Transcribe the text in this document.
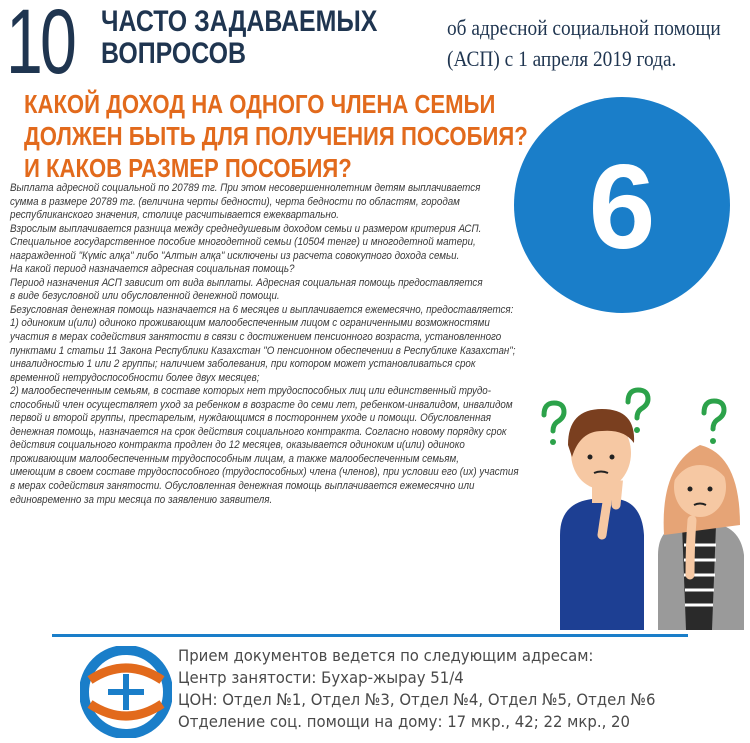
10 ЧАСТО ЗАДАВАЕМЫХ
ВОПРОСОВ
об адресной социальной помощи
(АСП) с 1 апреля 2019 года.
КАКОЙ ДОХОД НА ОДНОГО ЧЛЕНА СЕМЬИ
ДОЛЖЕН БЫТЬ ДЛЯ ПОЛУЧЕНИЯ ПОСОБИЯ?
И КАКОВ РАЗМЕР ПОСОБИЯ?	6
Выплата адресной социальной по 20789 тг. При этом несовершеннолетним детям выплачивается
сумма в размере 20789 тг. (величина черты бедности), черта бедности по областям, городам
республиканского значения, столице расчитывается ежеквартально.
Взрослым выплачивается разница между среднедушевым доходом семьи и размером критерия АСП.
Специальное государственное пособие многодетной семьи (10504 тенге) и многодетной матери,
награжденной "Күміс алқа" либо "Алтын алқа" исключены из расчета совокупного дохода семьи.
На какой период назначается адресная социальная помощь?
Период назначения АСП зависит от вида выплаты. Адресная социальная помощь предоставляется
в виде безусловной или обусловленной денежной помощи.
Безусловная денежная помощь назначается на 6 месяцев и выплачивается ежемесячно, предоставляется:
1) одиноким и(или) одиноко проживающим малообеспеченным лицом с ограниченными возможностями
участия в мерах содействия занятости в связи с достижением пенсионного возраста, установленного
пунктами 1 статьи 11 Закона Республики Казахстан "О пенсионном обеспечении в Республике Казахстан";
инвалидностью 1 или 2 группы; наличием заболевания, при котором может установливаться срок
временной нетрудоспособности более двух месяцев;
2) малообеспеченным семьям, в составе которых нет трудоспособных лиц или единственный трудо-
способный член осуществляет уход за ребенком в возрасте до семи лет, ребенком-инвалидом, инвалидом
первой и второй группы, престарелым, нуждающимся в постороннем уходе и помощи. Обусловленная
денежная помощь, назначается на срок действия социального контракта. Согласно новому порядку срок
действия социального контракта продлен до 12 месяцев, оказывается одиноким и(или) одиноко
проживающим малообеспеченным трудоспособным лицам, а также малообеспеченным семьям,
имеющим в своем составе трудоспособного (трудоспособных) члена (членов), при условии его (их) участия
в мерах содействия занятости. Обусловленная денежная помощь выплачивается ежемесячно или
единовременно за три месяца по заявлению заявителя.
Прием документов ведется по следующим адресам:
Центр занятости: Бухар-жырау 51/4
ЦОН: Отдел №1, Отдел №3, Отдел №4, Отдел №5, Отдел №6
Отделение соц. помощи на дому: 17 мкр., 42; 22 мкр., 20
